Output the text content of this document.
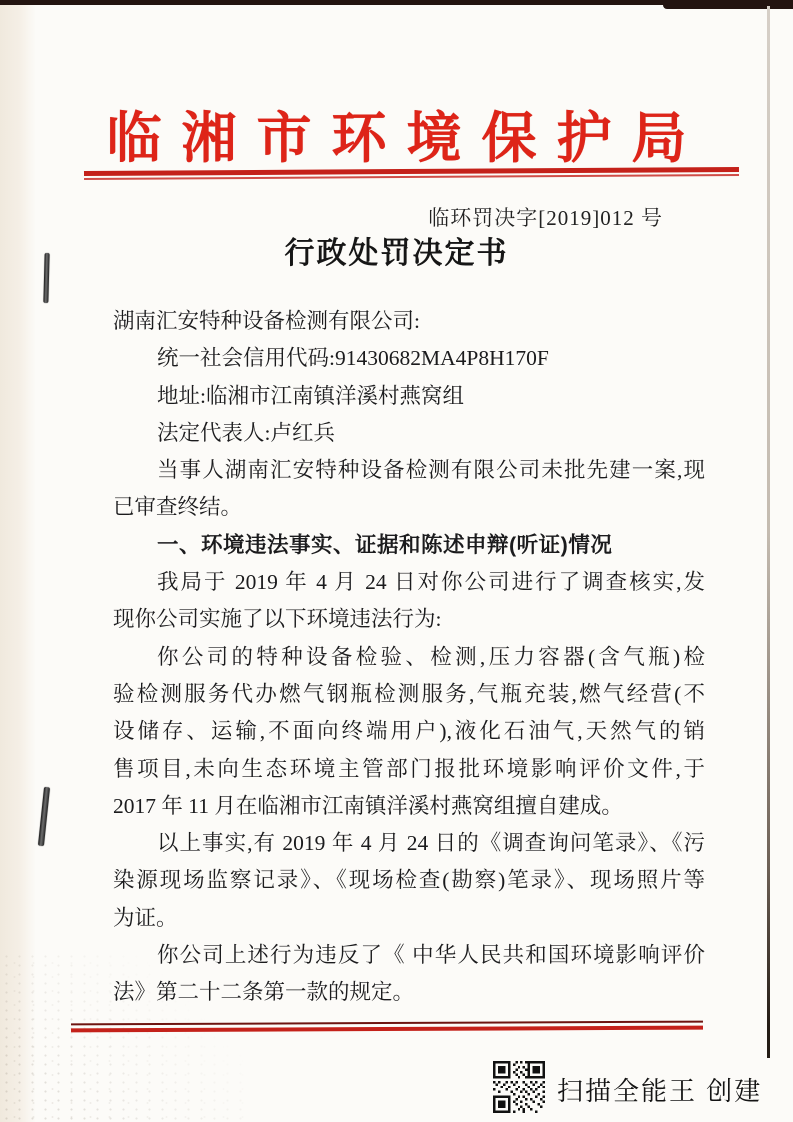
临湘市环境保护局
临环罚决字[2019]012 号
行政处罚决定书
湖南汇安特种设备检测有限公司:
统一社会信用代码:91430682MA4P8H170F
地址:临湘市江南镇洋溪村燕窝组
法定代表人:卢红兵
当事人湖南汇安特种设备检测有限公司未批先建一案,现
已审查终结。
一、环境违法事实、证据和陈述申辩(听证)情况
我局于 2019 年 4 月 24 日对你公司进行了调查核实,发
现你公司实施了以下环境违法行为:
你公司的特种设备检验、检测,压力容器(含气瓶)检
验检测服务代办燃气钢瓶检测服务,气瓶充装,燃气经营(不
设储存、运输,不面向终端用户),液化石油气,天然气的销
售项目,未向生态环境主管部门报批环境影响评价文件,于
2017 年 11 月在临湘市江南镇洋溪村燕窝组擅自建成。
以上事实,有 2019 年 4 月 24 日的《调查询问笔录》、《污
染源现场监察记录》、《现场检查(勘察)笔录》、现场照片等
为证。
你公司上述行为违反了《 中华人民共和国环境影响评价
法》第二十二条第一款的规定。
扫描全能王 创建
